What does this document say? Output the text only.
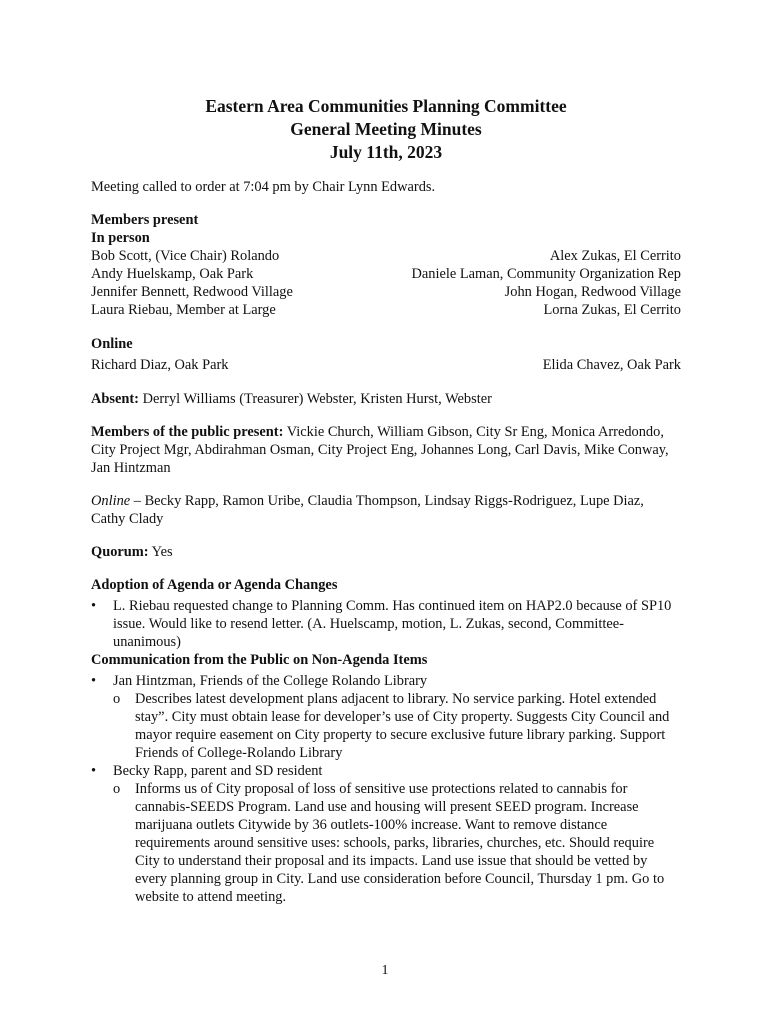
Eastern Area Communities Planning Committee
General Meeting Minutes
July 11th, 2023

Meeting called to order at 7:04 pm by Chair Lynn Edwards.

Members present

In person

Bob Scott, (Vice Chair) Rolando	Alex Zukas, El Cerrito
Andy Huelskamp, Oak Park	Daniele Laman, Community Organization Rep
Jennifer Bennett, Redwood Village	John Hogan, Redwood Village
Laura Riebau, Member at Large	Lorna Zukas, El Cerrito

Online

Richard Diaz, Oak Park	Elida Chavez, Oak Park

Absent: Derryl Williams (Treasurer) Webster, Kristen Hurst, Webster

Members of the public present: Vickie Church, William Gibson, City Sr Eng, Monica Arredondo, City Project Mgr, Abdirahman Osman, City Project Eng, Johannes Long, Carl Davis, Mike Conway, Jan Hintzman

Online – Becky Rapp, Ramon Uribe, Claudia Thompson, Lindsay Riggs-Rodriguez, Lupe Diaz, Cathy Clady

Quorum: Yes

Adoption of Agenda or Agenda Changes

•	L. Riebau requested change to Planning Comm. Has continued item on HAP2.0 because of SP10 issue. Would like to resend letter. (A. Huelscamp, motion, L. Zukas, second, Committee-unanimous)

Communication from the Public on Non-Agenda Items

•	Jan Hintzman, Friends of the College Rolando Library
o Describes latest development plans adjacent to library. No service parking. Hotel extended stay”. City must obtain lease for developer’s use of City property. Suggests City Council and mayor require easement on City property to secure exclusive future library parking. Support Friends of College-Rolando Library
•	Becky Rapp, parent and SD resident
o Informs us of City proposal of loss of sensitive use protections related to cannabis for cannabis-SEEDS Program. Land use and housing will present SEED program. Increase marijuana outlets Citywide by 36 outlets-100% increase. Want to remove distance requirements around sensitive uses: schools, parks, libraries, churches, etc. Should require City to understand their proposal and its impacts. Land use issue that should be vetted by every planning group in City. Land use consideration before Council, Thursday 1 pm. Go to website to attend meeting.
1
